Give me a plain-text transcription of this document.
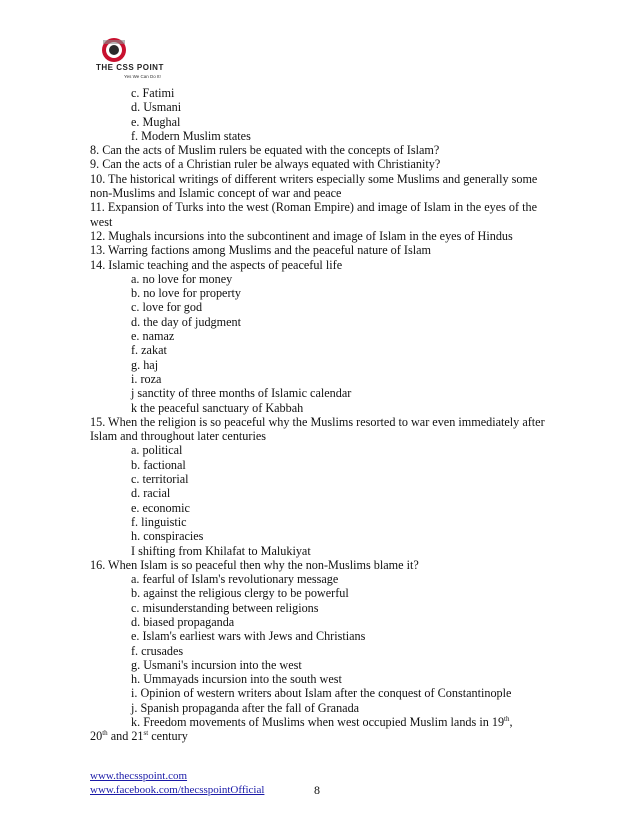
THE CSS POINT
Yes We Can Do It!
c. Fatimi
d. Usmani
e. Mughal
f. Modern Muslim states
8. Can the acts of Muslim rulers be equated with the concepts of Islam?
9. Can the acts of a Christian ruler be always equated with Christianity?
10. The historical writings of different writers especially some Muslims and generally some non-Muslims and Islamic concept of war and peace
11. Expansion of Turks into the west (Roman Empire) and image of Islam in the eyes of the west
12. Mughals incursions into the subcontinent and image of Islam in the eyes of Hindus
13. Warring factions among Muslims and the peaceful nature of Islam
14. Islamic teaching and the aspects of peaceful life
a. no love for money
b. no love for property
c. love for god
d. the day of judgment
e. namaz
f. zakat
g. haj
i. roza
j sanctity of three months of Islamic calendar
k the peaceful sanctuary of Kabbah
15. When the religion is so peaceful why the Muslims resorted to war even immediately after Islam and throughout later centuries
a. political
b. factional
c. territorial
d. racial
e. economic
f. linguistic
h. conspiracies
I shifting from Khilafat to Malukiyat
16. When Islam is so peaceful then why the non-Muslims blame it?
a. fearful of Islam's revolutionary message
b. against the religious clergy to be powerful
c. misunderstanding between religions
d. biased propaganda
e. Islam's earliest wars with Jews and Christians
f. crusades
g. Usmani's incursion into the west
h. Ummayads incursion into the south west
i. Opinion of western writers about Islam after the conquest of Constantinople
j. Spanish propaganda after the fall of Granada
k. Freedom movements of Muslims when west occupied Muslim lands in 19th,
20th and 21st century
www.thecsspoint.com
www.facebook.com/thecsspointOfficial	8
